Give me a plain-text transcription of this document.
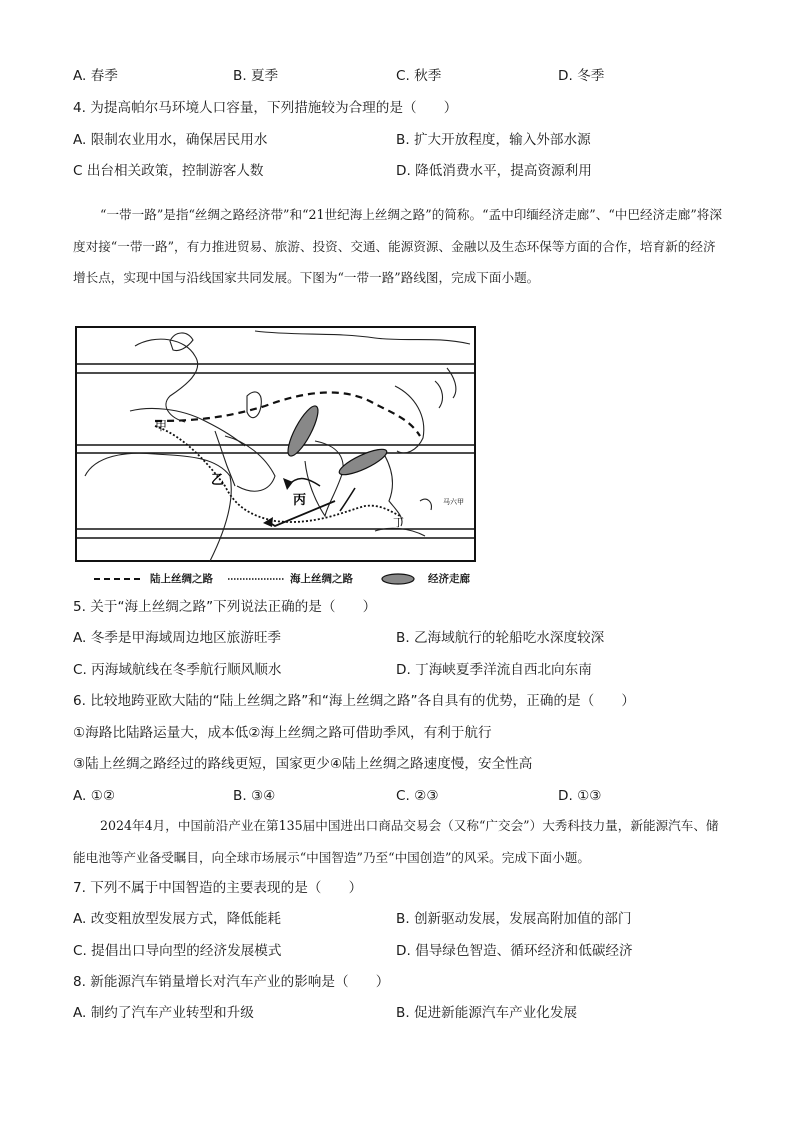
A. 春季	B. 夏季	C. 秋季	D. 冬季
4. 为提高帕尔马环境人口容量，下列措施较为合理的是（　　）
A. 限制农业用水，确保居民用水	B. 扩大开放程度，输入外部水源
C 出台相关政策，控制游客人数	D. 降低消费水平，提高资源利用

“一带一路”是指“丝绸之路经济带”和“21世纪海上丝绸之路”的简称。“孟中印缅经济走廊”、“中巴经济走廊”将深度对接“一带一路”，有力推进贸易、旅游、投资、交通、能源资源、金融以及生态环保等方面的合作，培育新的经济增长点，实现中国与沿线国家共同发展。下图为“一带一路”路线图，完成下面小题。

甲
乙
丙
丁
马六甲
陆上丝绸之路	海上丝绸之路	经济走廊
5. 关于“海上丝绸之路”下列说法正确的是（　　）
A. 冬季是甲海域周边地区旅游旺季	B. 乙海域航行的轮船吃水深度较深
C. 丙海域航线在冬季航行顺风顺水	D. 丁海峡夏季洋流自西北向东南
6. 比较地跨亚欧大陆的“陆上丝绸之路”和“海上丝绸之路”各自具有的优势，正确的是（　　）
①海路比陆路运量大，成本低②海上丝绸之路可借助季风，有利于航行
③陆上丝绸之路经过的路线更短，国家更少④陆上丝绸之路速度慢，安全性高
A. ①②	B. ③④	C. ②③	D. ①③

2024年4月，中国前沿产业在第135届中国进出口商品交易会（又称“广交会”）大秀科技力量，新能源汽车、储能电池等产业备受瞩目，向全球市场展示“中国智造”乃至“中国创造”的风采。完成下面小题。

7. 下列不属于中国智造的主要表现的是（　　）
A. 改变粗放型发展方式，降低能耗	B. 创新驱动发展，发展高附加值的部门
C. 提倡出口导向型的经济发展模式	D. 倡导绿色智造、循环经济和低碳经济
8. 新能源汽车销量增长对汽车产业的影响是（　　）
A. 制约了汽车产业转型和升级	B. 促进新能源汽车产业化发展
